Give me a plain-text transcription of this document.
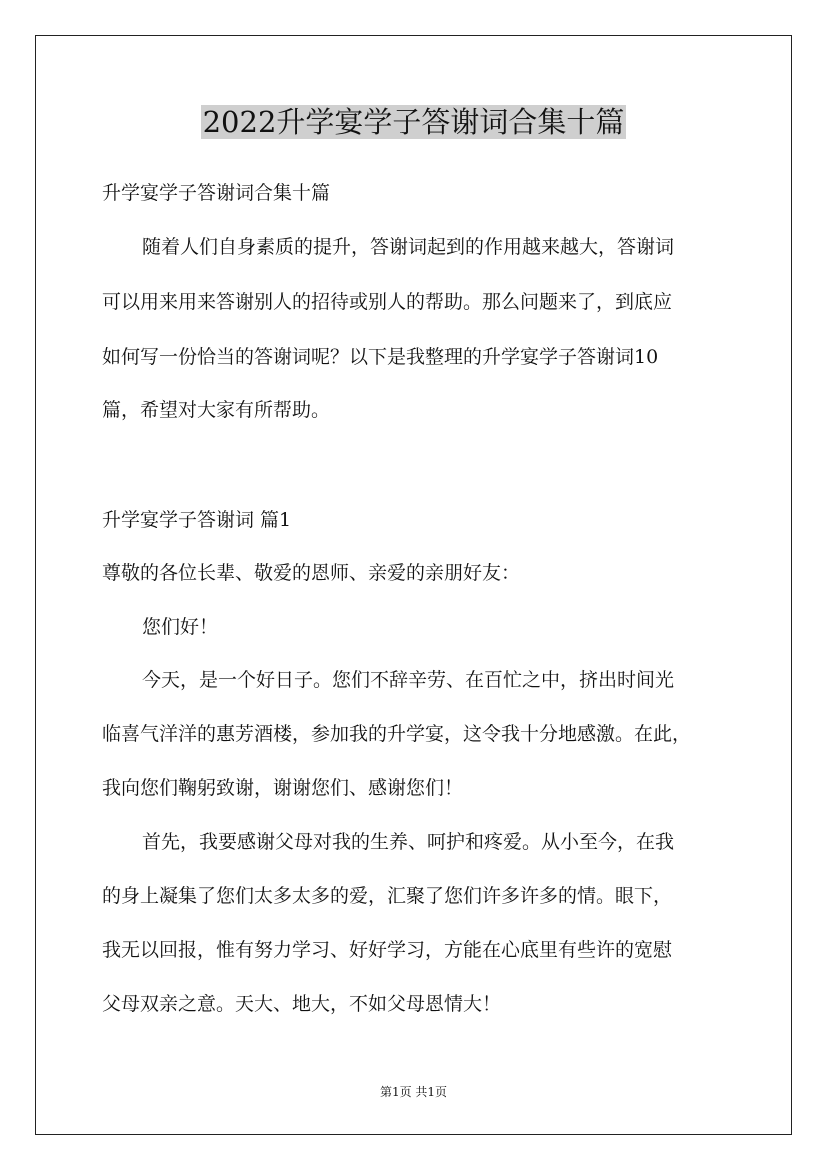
2022升学宴学子答谢词合集十篇

升学宴学子答谢词合集十篇

随着人们自身素质的提升，答谢词起到的作用越来越大，答谢词

可以用来用来答谢别人的招待或别人的帮助。那么问题来了，到底应

如何写一份恰当的答谢词呢？以下是我整理的升学宴学子答谢词10

篇，希望对大家有所帮助。

升学宴学子答谢词 篇1

尊敬的各位长辈、敬爱的恩师、亲爱的亲朋好友：

您们好！

今天，是一个好日子。您们不辞辛劳、在百忙之中，挤出时间光

临喜气洋洋的惠芳酒楼，参加我的升学宴，这令我十分地感激。在此，

我向您们鞠躬致谢，谢谢您们、感谢您们！

首先，我要感谢父母对我的生养、呵护和疼爱。从小至今，在我

的身上凝集了您们太多太多的爱，汇聚了您们许多许多的情。眼下，

我无以回报，惟有努力学习、好好学习，方能在心底里有些许的宽慰

父母双亲之意。天大、地大，不如父母恩情大！

第1页 共1页
